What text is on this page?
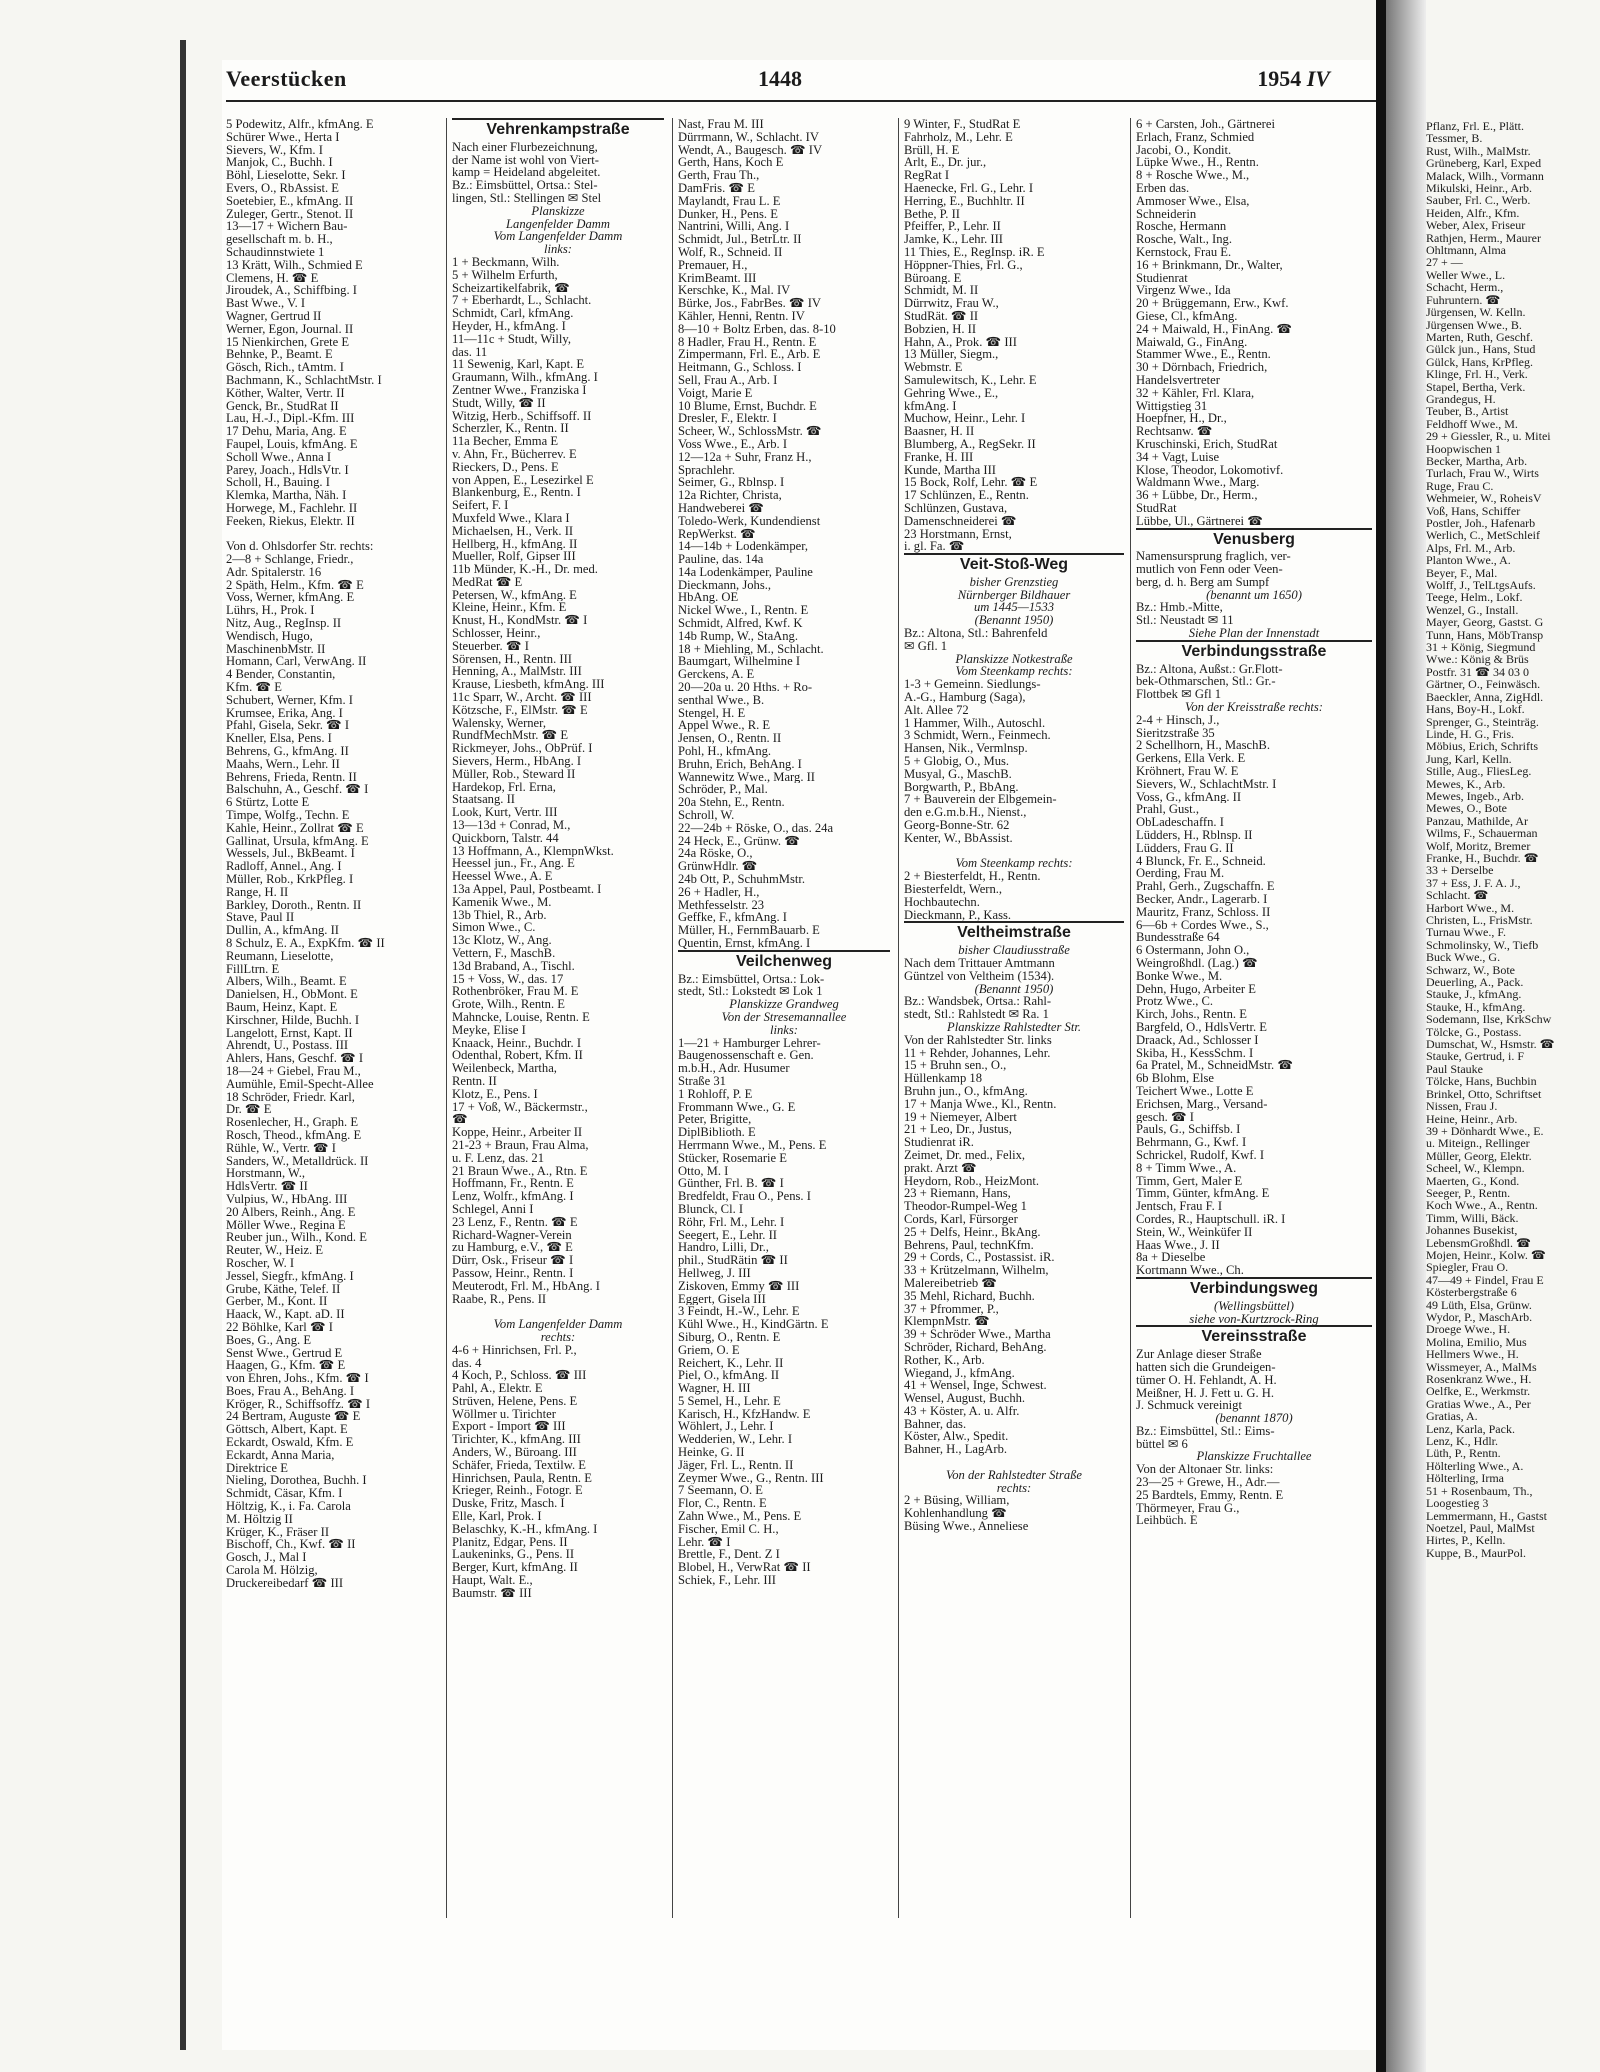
Veerstücken	1448	1954 IV
5 Podewitz, Alfr., kfmAng. E
Schürer Wwe., Herta I
Sievers, W., Kfm. I
Manjok, C., Buchh. I
Böhl, Lieselotte, Sekr. I
Evers, O., RbAssist. E
Soetebier, E., kfmAng. II
Zuleger, Gertr., Stenot. II
13—17 + Wichern Bau-
gesellschaft m. b. H.,
Schaudinnstwiete 1
13 Krätt, Wilh., Schmied E
Clemens, H. ☎ E
Jiroudek, A., Schiffbing. I
Bast Wwe., V. I
Wagner, Gertrud II
Werner, Egon, Journal. II
15 Nienkirchen, Grete E
Behnke, P., Beamt. E
Gösch, Rich., tAmtm. I
Bachmann, K., SchlachtMstr. I
Köther, Walter, Vertr. II
Genck, Br., StudRat II
Lau, H.-J., Dipl.-Kfm. III
17 Dehu, Maria, Ang. E
Faupel, Louis, kfmAng. E
Scholl Wwe., Anna I
Parey, Joach., HdlsVtr. I
Scholl, H., Bauing. I
Klemka, Martha, Näh. I
Horwege, M., Fachlehr. II
Feeken, Riekus, Elektr. II

Von d. Ohlsdorfer Str. rechts:
2—8 + Schlange, Friedr.,
Adr. Spitalerstr. 16
2 Späth, Helm., Kfm. ☎ E
Voss, Werner, kfmAng. E
Lührs, H., Prok. I
Nitz, Aug., RegInsp. II
Wendisch, Hugo,
MaschinenbMstr. II
Homann, Carl, VerwAng. II
4 Bender, Constantin,
Kfm. ☎ E
Schubert, Werner, Kfm. I
Krumsee, Erika, Ang. I
Pfahl, Gisela, Sekr. ☎ I
Kneller, Elsa, Pens. I
Behrens, G., kfmAng. II
Maahs, Wern., Lehr. II
Behrens, Frieda, Rentn. II
Balschuhn, A., Geschf. ☎ I
6 Stürtz, Lotte E
Timpe, Wolfg., Techn. E
Kahle, Heinr., Zollrat ☎ E
Gallinat, Ursula, kfmAng. E
Wessels, Jul., BkBeamt. I
Radloff, Annel., Ang. I
Müller, Rob., KrkPfleg. I
Range, H. II
Barkley, Doroth., Rentn. II
Stave, Paul II
Dullin, A., kfmAng. II
8 Schulz, E. A., ExpKfm. ☎ II
Reumann, Lieselotte,
FillLtrn. E
Albers, Wilh., Beamt. E
Danielsen, H., ObMont. E
Baum, Heinz, Kapt. E
Kirschner, Hilde, Buchh. I
Langelott, Ernst, Kapt. II
Ahrendt, U., Postass. III
Ahlers, Hans, Geschf. ☎ I
18—24 + Giebel, Frau M.,
Aumühle, Emil-Specht-Allee
18 Schröder, Friedr. Karl,
Dr. ☎ E
Rosenlecher, H., Graph. E
Rosch, Theod., kfmAng. E
Rühle, W., Vertr. ☎ I
Sanders, W., Metalldrück. II
Horstmann, W.,
HdlsVertr. ☎ II
Vulpius, W., HbAng. III
20 Albers, Reinh., Ang. E
Möller Wwe., Regina E
Reuber jun., Wilh., Kond. E
Reuter, W., Heiz. E
Roscher, W. I
Jessel, Siegfr., kfmAng. I
Grube, Käthe, Telef. II
Gerber, M., Kont. II
Haack, W., Kapt. aD. II
22 Böhlke, Karl ☎ I
Boes, G., Ang. E
Senst Wwe., Gertrud E
Haagen, G., Kfm. ☎ E
von Ehren, Johs., Kfm. ☎ I
Boes, Frau A., BehAng. I
Kröger, R., Schiffsoffz. ☎ I
24 Bertram, Auguste ☎ E
Göttsch, Albert, Kapt. E
Eckardt, Oswald, Kfm. E
Eckardt, Anna Maria,
Direktrice E
Nieling, Dorothea, Buchh. I
Schmidt, Cäsar, Kfm. I
Höltzig, K., i. Fa. Carola
M. Höltzig II
Krüger, K., Fräser II
Bischoff, Ch., Kwf. ☎ II
Gosch, J., Mal I
Carola M. Hölzig,
Druckereibedarf ☎ III
Vehrenkampstraße
Nach einer Flurbezeichnung,
der Name ist wohl von Viert-
kamp = Heideland abgeleitet.
Bz.: Eimsbüttel, Ortsa.: Stel-
lingen, Stl.: Stellingen ✉ Stel
Planskizze
Langenfelder Damm
Vom Langenfelder Damm
links:
1 + Beckmann, Wilh.
5 + Wilhelm Erfurth,
Scheizartikelfabrik, ☎
7 + Eberhardt, L., Schlacht.
Schmidt, Carl, kfmAng.
Heyder, H., kfmAng. I
11—11c + Studt, Willy,
das. 11
11 Sewenig, Karl, Kapt. E
Graumann, Wilh., kfmAng. I
Zentner Wwe., Franziska I
Studt, Willy, ☎ II
Witzig, Herb., Schiffsoff. II
Scherzler, K., Rentn. II
11a Becher, Emma E
v. Ahn, Fr., Bücherrev. E
Rieckers, D., Pens. E
von Appen, E., Lesezirkel E
Blankenburg, E., Rentn. I
Seifert, F. I
Muxfeld Wwe., Klara I
Michaelsen, H., Verk. II
Hellberg, H., kfmAng. II
Mueller, Rolf, Gipser III
11b Münder, K.-H., Dr. med.
MedRat ☎ E
Petersen, W., kfmAng. E
Kleine, Heinr., Kfm. E
Knust, H., KondMstr. ☎ I
Schlosser, Heinr.,
Steuerber. ☎ I
Sörensen, H., Rentn. III
Henning, A., MalMstr. III
Krause, Liesbeth, kfmAng. III
11c Sparr, W., Archt. ☎ III
Kötzsche, F., ElMstr. ☎ E
Walensky, Werner,
RundfMechMstr. ☎ E
Rickmeyer, Johs., ObPrüf. I
Sievers, Herm., HbAng. I
Müller, Rob., Steward II
Hardekop, Frl. Erna,
Staatsang. II
Look, Kurt, Vertr. III
13—13d + Conrad, M.,
Quickborn, Talstr. 44
13 Hoffmann, A., KlempnWkst.
Heessel jun., Fr., Ang. E
Heessel Wwe., A. E
13a Appel, Paul, Postbeamt. I
Kamenik Wwe., M.
13b Thiel, R., Arb.
Simon Wwe., C.
13c Klotz, W., Ang.
Vettern, F., MaschB.
13d Braband, A., Tischl.
15 + Voss, W., das. 17
Rothenbröker, Frau M. E
Grote, Wilh., Rentn. E
Mahncke, Louise, Rentn. E
Meyke, Elise I
Knaack, Heinr., Buchdr. I
Odenthal, Robert, Kfm. II
Weilenbeck, Martha,
Rentn. II
Klotz, E., Pens. I
17 + Voß, W., Bäckermstr.,
☎
Koppe, Heinr., Arbeiter II
21-23 + Braun, Frau Alma,
u. F. Lenz, das. 21
21 Braun Wwe., A., Rtn. E
Hoffmann, Fr., Rentn. E
Lenz, Wolfr., kfmAng. I
Schlegel, Anni I
23 Lenz, F., Rentn. ☎ E
Richard-Wagner-Verein
zu Hamburg, e.V., ☎ E
Dürr, Osk., Friseur ☎ I
Passow, Heinr., Rentn. I
Meuterodt, Frl. M., HbAng. I
Raabe, R., Pens. II

Vom Langenfelder Damm
rechts:
4-6 + Hinrichsen, Frl. P.,
das. 4
4 Koch, P., Schloss. ☎ III
Pahl, A., Elektr. E
Strüven, Helene, Pens. E
Wöllmer u. Tirichter
Export - Import ☎ III
Tirichter, K., kfmAng. III
Anders, W., Büroang. III
Schäfer, Frieda, Textilw. E
Hinrichsen, Paula, Rentn. E
Krieger, Reinh., Fotogr. E
Duske, Fritz, Masch. I
Elle, Karl, Prok. I
Belaschky, K.-H., kfmAng. I
Planitz, Edgar, Pens. II
Laukeninks, G., Pens. II
Berger, Kurt, kfmAng. II
Haupt, Walt. E.,
Baumstr. ☎ III
Nast, Frau M. III
Dürrmann, W., Schlacht. IV
Wendt, A., Baugesch. ☎ IV
Gerth, Hans, Koch E
Gerth, Frau Th.,
DamFris. ☎ E
Maylandt, Frau L. E
Dunker, H., Pens. E
Nantrini, Willi, Ang. I
Schmidt, Jul., BetrLtr. II
Wolf, R., Schneid. II
Premauer, H.,
KrimBeamt. III
Kerschke, K., Mal. IV
Bürke, Jos., FabrBes. ☎ IV
Kähler, Henni, Rentn. IV
8—10 + Boltz Erben, das. 8-10
8 Hadler, Frau H., Rentn. E
Zimpermann, Frl. E., Arb. E
Heitmann, G., Schloss. I
Sell, Frau A., Arb. I
Voigt, Marie E
10 Blume, Ernst, Buchdr. E
Dresler, F., Elektr. I
Scheer, W., SchlossMstr. ☎
Voss Wwe., E., Arb. I
12—12a + Suhr, Franz H.,
Sprachlehr.
Seimer, G., Rblnsp. I
12a Richter, Christa,
Handweberei ☎
Toledo-Werk, Kundendienst
RepWerkst. ☎
14—14b + Lodenkämper,
Pauline, das. 14a
14a Lodenkämper, Pauline
Dieckmann, Johs.,
HbAng. OE
Nickel Wwe., I., Rentn. E
Schmidt, Alfred, Kwf. K
14b Rump, W., StaAng.
18 + Miehling, M., Schlacht.
Baumgart, Wilhelmine I
Gerckens, A. E
20—20a u. 20 Hths. + Ro-
senthal Wwe., B.
Stengel, H. E
Appel Wwe., R. E
Jensen, O., Rentn. II
Pohl, H., kfmAng.
Bruhn, Erich, BehAng. I
Wannewitz Wwe., Marg. II
Schröder, P., Mal.
20a Stehn, E., Rentn.
Schroll, W.
22—24b + Röske, O., das. 24a
24 Heck, E., Grünw. ☎
24a Röske, O.,
GrünwHdlr. ☎
24b Ott, P., SchuhmMstr.
26 + Hadler, H.,
Methfesselstr. 23
Geffke, F., kfmAng. I
Müller, H., FernmBauarb. E
Quentin, Ernst, kfmAng. I
Veilchenweg
Bz.: Eimsbüttel, Ortsa.: Lok-
stedt, Stl.: Lokstedt ✉ Lok 1
Planskizze Grandweg
Von der Stresemannallee
links:
1—21 + Hamburger Lehrer-
Baugenossenschaft e. Gen.
m.b.H., Adr. Husumer
Straße 31
1 Rohloff, P. E
Frommann Wwe., G. E
Peter, Brigitte,
DiplBiblioth. E
Herrmann Wwe., M., Pens. E
Stücker, Rosemarie E
Otto, M. I
Günther, Frl. B. ☎ I
Bredfeldt, Frau O., Pens. I
Blunck, Cl. I
Röhr, Frl. M., Lehr. I
Seegert, E., Lehr. II
Handro, Lilli, Dr.,
phil., StudRätin ☎ II
Hellweg, J. III
Ziskoven, Emmy ☎ III
Eggert, Gisela III
3 Feindt, H.-W., Lehr. E
Kühl Wwe., H., KindGärtn. E
Siburg, O., Rentn. E
Griem, O. E
Reichert, K., Lehr. II
Piel, O., kfmAng. II
Wagner, H. III
5 Semel, H., Lehr. E
Karisch, H., KfzHandw. E
Wöhlert, J., Lehr. I
Wedderien, W., Lehr. I
Heinke, G. II
Jäger, Frl. L., Rentn. II
Zeymer Wwe., G., Rentn. III
7 Seemann, O. E
Flor, C., Rentn. E
Zahn Wwe., M., Pens. E
Fischer, Emil C. H.,
Lehr. ☎ I
Brettle, F., Dent. Z I
Blobel, H., VerwRat ☎ II
Schiek, F., Lehr. III
9 Winter, F., StudRat E
Fahrholz, M., Lehr. E
Brüll, H. E
Arlt, E., Dr. jur.,
RegRat I
Haenecke, Frl. G., Lehr. I
Herring, E., Buchhltr. II
Bethe, P. II
Pfeiffer, P., Lehr. II
Jamke, K., Lehr. III
11 Thies, E., RegInsp. iR. E
Höppner-Thies, Frl. G.,
Büroang. E
Schmidt, M. II
Dürrwitz, Frau W.,
StudRät. ☎ II
Bobzien, H. II
Hahn, A., Prok. ☎ III
13 Müller, Siegm.,
Webmstr. E
Samulewitsch, K., Lehr. E
Gehring Wwe., E.,
kfmAng. I
Muchow, Heinr., Lehr. I
Baasner, H. II
Blumberg, A., RegSekr. II
Franke, H. III
Kunde, Martha III
15 Bock, Rolf, Lehr. ☎ E
17 Schlünzen, E., Rentn.
Schlünzen, Gustava,
Damenschneiderei ☎
23 Horstmann, Ernst,
i. gl. Fa. ☎
Veit-Stoß-Weg
bisher Grenzstieg
Nürnberger Bildhauer
um 1445—1533
(Benannt 1950)
Bz.: Altona, Stl.: Bahrenfeld
✉ Gfl. 1
Planskizze Notkestraße
Vom Steenkamp rechts:
1-3 + Gemeinn. Siedlungs-
A.-G., Hamburg (Saga),
Alt. Allee 72
1 Hammer, Wilh., Autoschl.
3 Schmidt, Wern., Feinmech.
Hansen, Nik., Vermlnsp.
5 + Globig, O., Mus.
Musyal, G., MaschB.
Borgwarth, P., BbAng.
7 + Bauverein der Elbgemein-
den e.G.m.b.H., Nienst.,
Georg-Bonne-Str. 62
Kenter, W., BbAssist.

Vom Steenkamp rechts:
2 + Biesterfeldt, H., Rentn.
Biesterfeldt, Wern.,
Hochbautechn.
Dieckmann, P., Kass.
Veltheimstraße
bisher Claudiusstraße
Nach dem Trittauer Amtmann
Güntzel von Veltheim (1534).
(Benannt 1950)
Bz.: Wandsbek, Ortsa.: Rahl-
stedt, Stl.: Rahlstedt ✉ Ra. 1
Planskizze Rahlstedter Str.
Von der Rahlstedter Str. links
11 + Rehder, Johannes, Lehr.
15 + Bruhn sen., O.,
Hüllenkamp 18
Bruhn jun., O., kfmAng.
17 + Manja Wwe., Kl., Rentn.
19 + Niemeyer, Albert
21 + Leo, Dr., Justus,
Studienrat iR.
Zeimet, Dr. med., Felix,
prakt. Arzt ☎
Heydorn, Rob., HeizMont.
23 + Riemann, Hans,
Theodor-Rumpel-Weg 1
Cords, Karl, Fürsorger
25 + Delfs, Heinr., BkAng.
Behrens, Paul, technKfm.
29 + Cords, C., Postassist. iR.
33 + Krützelmann, Wilhelm,
Malereibetrieb ☎
35 Mehl, Richard, Buchh.
37 + Pfrommer, P.,
KlempnMstr. ☎
39 + Schröder Wwe., Martha
Schröder, Richard, BehAng.
Rother, K., Arb.
Wiegand, J., kfmAng.
41 + Wensel, Inge, Schwest.
Wensel, August, Buchh.
43 + Köster, A. u. Alfr.
Bahner, das.
Köster, Alw., Spedit.
Bahner, H., LagArb.

Von der Rahlstedter Straße
rechts:
2 + Büsing, William,
Kohlenhandlung ☎
Büsing Wwe., Anneliese
6 + Carsten, Joh., Gärtnerei
Erlach, Franz, Schmied
Jacobi, O., Kondit.
Lüpke Wwe., H., Rentn.
8 + Rosche Wwe., M.,
Erben das.
Ammoser Wwe., Elsa,
Schneiderin
Rosche, Hermann
Rosche, Walt., Ing.
Kernstock, Frau E.
16 + Brinkmann, Dr., Walter,
Studienrat
Virgenz Wwe., Ida
20 + Brüggemann, Erw., Kwf.
Giese, Cl., kfmAng.
24 + Maiwald, H., FinAng. ☎
Maiwald, G., FinAng.
Stammer Wwe., E., Rentn.
30 + Dörnbach, Friedrich,
Handelsvertreter
32 + Kähler, Frl. Klara,
Wittigstieg 31
Hoepfner, H., Dr.,
Rechtsanw. ☎
Kruschinski, Erich, StudRat
34 + Vagt, Luise
Klose, Theodor, Lokomotivf.
Waldmann Wwe., Marg.
36 + Lübbe, Dr., Herm.,
StudRat
Lübbe, Ul., Gärtnerei ☎
Venusberg
Namensursprung fraglich, ver-
mutlich von Fenn oder Veen-
berg, d. h. Berg am Sumpf
(benannt um 1650)
Bz.: Hmb.-Mitte,
Stl.: Neustadt ✉ 11
Siehe Plan der Innenstadt
Verbindungsstraße
Bz.: Altona, Außst.: Gr.Flott-
bek-Othmarschen, Stl.: Gr.-
Flottbek ✉ Gfl 1
Von der Kreisstraße rechts:
2-4 + Hinsch, J.,
Sieritzstraße 35
2 Schellhorn, H., MaschB.
Gerkens, Ella Verk. E
Kröhnert, Frau W. E
Sievers, W., SchlachtMstr. I
Voss, G., kfmAng. II
Prahl, Gust.,
ObLadeschaffn. I
Lüdders, H., Rblnsp. II
Lüdders, Frau G. II
4 Blunck, Fr. E., Schneid.
Oerding, Frau M.
Prahl, Gerh., Zugschaffn. E
Becker, Andr., Lagerarb. I
Mauritz, Franz, Schloss. II
6—6b + Cordes Wwe., S.,
Bundesstraße 64
6 Ostermann, John O.,
Weingroßhdl. (Lag.) ☎
Bonke Wwe., M.
Dehn, Hugo, Arbeiter E
Protz Wwe., C.
Kirch, Johs., Rentn. E
Bargfeld, O., HdlsVertr. E
Draack, Ad., Schlosser I
Skiba, H., KessSchm. I
6a Pratel, M., SchneidMstr. ☎
6b Blohm, Else
Teichert Wwe., Lotte E
Erichsen, Marg., Versand-
gesch. ☎ I
Pauls, G., Schiffsb. I
Behrmann, G., Kwf. I
Schrickel, Rudolf, Kwf. I
8 + Timm Wwe., A.
Timm, Gert, Maler E
Timm, Günter, kfmAng. E
Jentsch, Frau F. I
Cordes, R., Hauptschull. iR. I
Stein, W., Weinküfer II
Haas Wwe., J. II
8a + Dieselbe
Kortmann Wwe., Ch.
Verbindungsweg
(Wellingsbüttel)
siehe von-Kurtzrock-Ring
Vereinsstraße
Zur Anlage dieser Straße
hatten sich die Grundeigen-
tümer O. H. Fehlandt, A. H.
Meißner, H. J. Fett u. G. H.
J. Schmuck vereinigt
(benannt 1870)
Bz.: Eimsbüttel, Stl.: Eims-
büttel ✉ 6
Planskizze Fruchtallee
Von der Altonaer Str. links:
23—25 + Grewe, H., Adr.—
25 Bardtels, Emmy, Rentn. E
Thörmeyer, Frau G.,
Leihbüch. E
Pflanz, Frl. E., Plätt.
Tessmer, B.
Rust, Wilh., MalMstr.
Grüneberg, Karl, Exped
Malack, Wilh., Vormann
Mikulski, Heinr., Arb.
Sauber, Frl. C., Werb.
Heiden, Alfr., Kfm.
Weber, Alex, Friseur
Rathjen, Herm., Maurer
Ohltmann, Alma
27 + —
Weller Wwe., L.
Schacht, Herm.,
Fuhruntern. ☎
Jürgensen, W. Kelln.
Jürgensen Wwe., B.
Marten, Ruth, Geschf.
Gülck jun., Hans, Stud
Gülck, Hans, KrPfleg.
Klinge, Frl. H., Verk.
Stapel, Bertha, Verk.
Grandegus, H.
Teuber, B., Artist
Feldhoff Wwe., M.
29 + Giessler, R., u. Mitei
Hoopwischen 1
Becker, Martha, Arb.
Turlach, Frau W., Wirts
Ruge, Frau C.
Wehmeier, W., RoheisV
Voß, Hans, Schiffer
Postler, Joh., Hafenarb
Werlich, C., MetSchleif
Alps, Frl. M., Arb.
Planton Wwe., A.
Beyer, F., Mal.
Wolff, J., TelLtgsAufs.
Teege, Helm., Lokf.
Wenzel, G., Install.
Mayer, Georg, Gastst. G
Tunn, Hans, MöbTransp
31 + König, Siegmund
Wwe.: König & Brüs
Postfr. 31 ☎ 34 03 0
Gärtner, O., Feinwäsch.
Baeckler, Anna, ZigHdl.
Hans, Boy-H., Lokf.
Sprenger, G., Steinträg.
Linde, H. G., Fris.
Möbius, Erich, Schrifts
Jung, Karl, Kelln.
Stille, Aug., FliesLeg.
Mewes, K., Arb.
Mewes, Ingeb., Arb.
Mewes, O., Bote
Panzau, Mathilde, Ar
Wilms, F., Schauerman
Wolf, Moritz, Bremer
Franke, H., Buchdr. ☎
33 + Derselbe
37 + Ess, J. F. A. J.,
Schlacht. ☎
Harbort Wwe., M.
Christen, L., FrisMstr.
Turnau Wwe., F.
Schmolinsky, W., Tiefb
Buck Wwe., G.
Schwarz, W., Bote
Deuerling, A., Pack.
Stauke, J., kfmAng.
Stauke, H., kfmAng.
Sodemann, Ilse, KrkSchw
Tölcke, G., Postass.
Dumschat, W., Hsmstr. ☎
Stauke, Gertrud, i. F
Paul Stauke
Tölcke, Hans, Buchbin
Brinkel, Otto, Schriftset
Nissen, Frau J.
Heine, Heinr., Arb.
39 + Dönhardt Wwe., E.
u. Miteign., Rellinger
Müller, Georg, Elektr.
Scheel, W., Klempn.
Maerten, G., Kond.
Seeger, P., Rentn.
Koch Wwe., A., Rentn.
Timm, Willi, Bäck.
Johannes Busekist,
LebensmGroßhdl. ☎
Mojen, Heinr., Kolw. ☎
Spiegler, Frau O.
47—49 + Findel, Frau E
Kösterbergstraße 6
49 Lüth, Elsa, Grünw.
Wydor, P., MaschArb.
Droege Wwe., H.
Molina, Emilio, Mus
Hellmers Wwe., H.
Wissmeyer, A., MalMs
Rosenkranz Wwe., H.
Oelfke, E., Werkmstr.
Gratias Wwe., A., Per
Gratias, A.
Lenz, Karla, Pack.
Lenz, K., Hdlr.
Lüth, P., Rentn.
Hölterling Wwe., A.
Hölterling, Irma
51 + Rosenbaum, Th.,
Loogestieg 3
Lemmermann, H., Gastst
Noetzel, Paul, MalMst
Hirtes, P., Kelln.
Kuppe, B., MaurPol.
